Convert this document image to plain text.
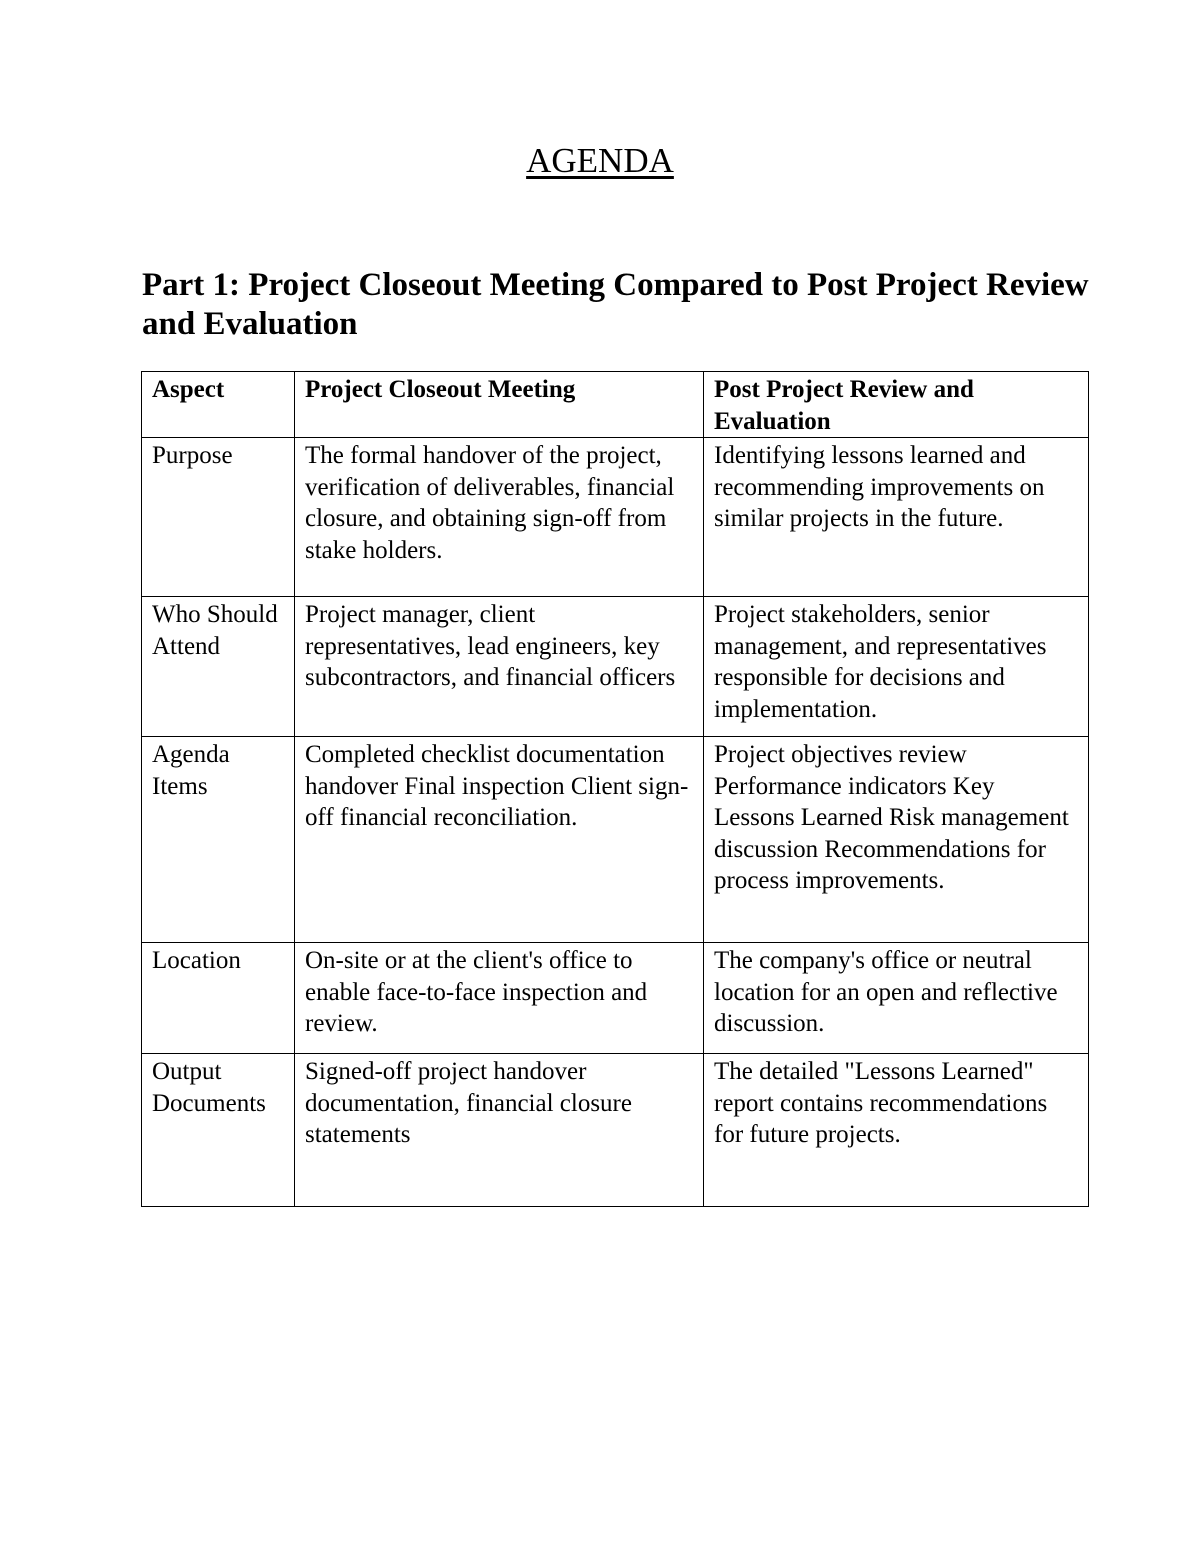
AGENDA
Part 1: Project Closeout Meeting Compared to Post Project Review and Evaluation
Aspect	Project Closeout Meeting	Post Project Review and Evaluation
Purpose	The formal handover of the project, verification of deliverables, financial closure, and obtaining sign-off from stake holders.	Identifying lessons learned and recommending improvements on similar projects in the future.
Who Should Attend	Project manager, client representatives, lead engineers, key subcontractors, and financial officers	Project stakeholders, senior management, and representatives responsible for decisions and implementation.
Agenda Items	Completed checklist documentation handover Final inspection Client sign-off financial reconciliation.	Project objectives review Performance indicators Key Lessons Learned Risk management discussion Recommendations for process improvements.
Location	On-site or at the client's office to enable face-to-face inspection and review.	The company's office or neutral location for an open and reflective discussion.
Output Documents	Signed-off project handover documentation, financial closure statements	The detailed "Lessons Learned" report contains recommendations for future projects.
